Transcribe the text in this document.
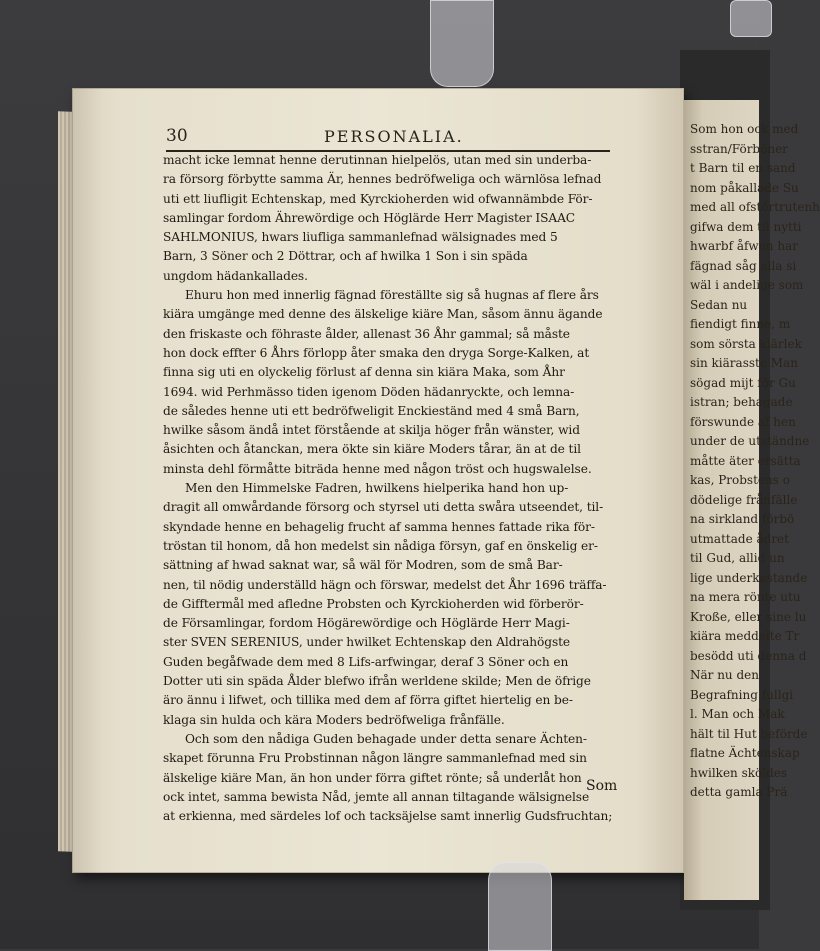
Som hon ock med
sstran/Förböner
t Barn til en sand
nom påkallade Su
med all ofstörtrutenh
gifwa dem til nytti
hwarbf åfwen har
fägnad såg alla si
wäl i andelige som
Sedan nu
fiendigt finne, m
som sörsta kiärlek
sin kiärasste Man
sögad mijt för Gu
istran; behagade
förswunde af hen
under de utständne
måtte äter ersätta
kas, Probstens o
dödelige frånfälle
na sirkland förbö
utmattade ådret
til Gud, allid un
lige underkastande
na mera rönte utu
Kroße, eller sine lu
kiära meddelte Tr
besödd uti denna d
När nu den
Begrafning fullgi
l. Man och Mak
hält til Hut beförde
flatne Ächtenskap
hwilken sköldes
detta gamla Prä
30	PERSONALIA.
macht icke lemnat henne derutinnan hielpelös, utan med sin underba-
ra försorg förbytte samma Är, hennes bedröfweliga och wärnlösa lefnad
uti ett liufligit Echtenskap, med Kyrckioherden wid ofwannämbde För-
samlingar fordom Ährewördige och Höglärde Herr Magister ISAAC
SAHLMONIUS, hwars liufliga sammanlefnad wälsignades med 5
Barn, 3 Söner och 2 Döttrar, och af hwilka 1 Son i sin späda
ungdom hädankallades.
Ehuru hon med innerlig fägnad föreställte sig så hugnas af flere års
kiära umgänge med denne des älskelige kiäre Man, såsom ännu ägande
den friskaste och föhraste ålder, allenast 36 Åhr gammal; så måste
hon dock effter 6 Åhrs förlopp åter smaka den dryga Sorge-Kalken, at
finna sig uti en olyckelig förlust af denna sin kiära Maka, som Åhr
1694. wid Perhmässo tiden igenom Döden hädanryckte, och lemna-
de således henne uti ett bedröfweligit Enckieständ med 4 små Barn,
hwilke såsom ändå intet förstående at skilja höger från wänster, wid
åsichten och åtanckan, mera ökte sin kiäre Moders tårar, än at de til
minsta dehl förmåtte biträda henne med någon tröst och hugswalelse.
Men den Himmelske Fadren, hwilkens hielperika hand hon up-
dragit all omwårdande försorg och styrsel uti detta swåra utseendet, til-
skyndade henne en behagelig frucht af samma hennes fattade rika för-
tröstan til honom, då hon medelst sin nådiga försyn, gaf en önskelig er-
sättning af hwad saknat war, så wäl för Modren, som de små Bar-
nen, til nödig underställd hägn och förswar, medelst det Åhr 1696 träffa-
de Gifftermål med afledne Probsten och Kyrckioherden wid förberör-
de Församlingar, fordom Högärewördige och Höglärde Herr Magi-
ster SVEN SERENIUS, under hwilket Echtenskap den Aldrahögste
Guden begåfwade dem med 8 Lifs-arfwingar, deraf 3 Söner och en
Dotter uti sin späda Ålder blefwo ifrån werldene skilde; Men de öfrige
äro ännu i lifwet, och tillika med dem af förra giftet hiertelig en be-
klaga sin hulda och kära Moders bedröfweliga frånfälle.
Och som den nådiga Guden behagade under detta senare Ächten-
skapet förunna Fru Probstinnan någon längre sammanlefnad med sin
älskelige kiäre Man, än hon under förra giftet rönte; så underlåt hon
ock intet, samma bewista Nåd, jemte all annan tiltagande wälsignelse
at erkienna, med särdeles lof och tacksäjelse samt innerlig Gudsfruchtan;
Som
